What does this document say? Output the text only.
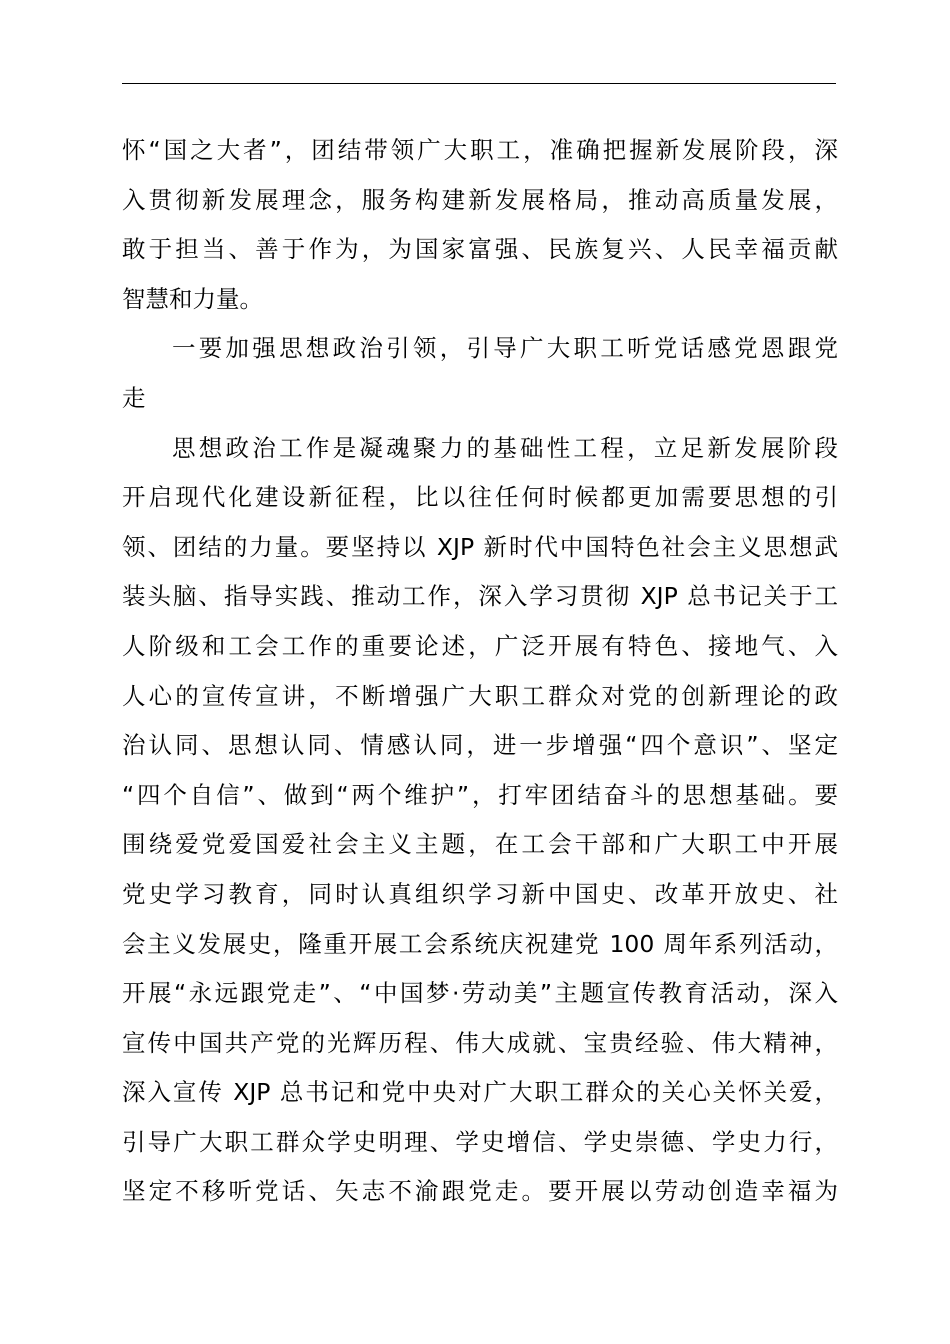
怀“国之大者”，团结带领广大职工，准确把握新发展阶段，深
入贯彻新发展理念，服务构建新发展格局，推动高质量发展，
敢于担当、善于作为，为国家富强、民族复兴、人民幸福贡献
智慧和力量。
一要加强思想政治引领，引导广大职工听党话感党恩跟党
走
思想政治工作是凝魂聚力的基础性工程，立足新发展阶段
开启现代化建设新征程，比以往任何时候都更加需要思想的引
领、团结的力量。要坚持以 XJP 新时代中国特色社会主义思想武
装头脑、指导实践、推动工作，深入学习贯彻 XJP 总书记关于工
人阶级和工会工作的重要论述，广泛开展有特色、接地气、入
人心的宣传宣讲，不断增强广大职工群众对党的创新理论的政
治认同、思想认同、情感认同，进一步增强“四个意识”、坚定
“四个自信”、做到“两个维护”，打牢团结奋斗的思想基础。要
围绕爱党爱国爱社会主义主题，在工会干部和广大职工中开展
党史学习教育，同时认真组织学习新中国史、改革开放史、社
会主义发展史，隆重开展工会系统庆祝建党 100 周年系列活动，
开展“永远跟党走”、“中国梦·劳动美”主题宣传教育活动，深入
宣传中国共产党的光辉历程、伟大成就、宝贵经验、伟大精神，
深入宣传 XJP 总书记和党中央对广大职工群众的关心关怀关爱，
引导广大职工群众学史明理、学史增信、学史崇德、学史力行，
坚定不移听党话、矢志不渝跟党走。要开展以劳动创造幸福为
